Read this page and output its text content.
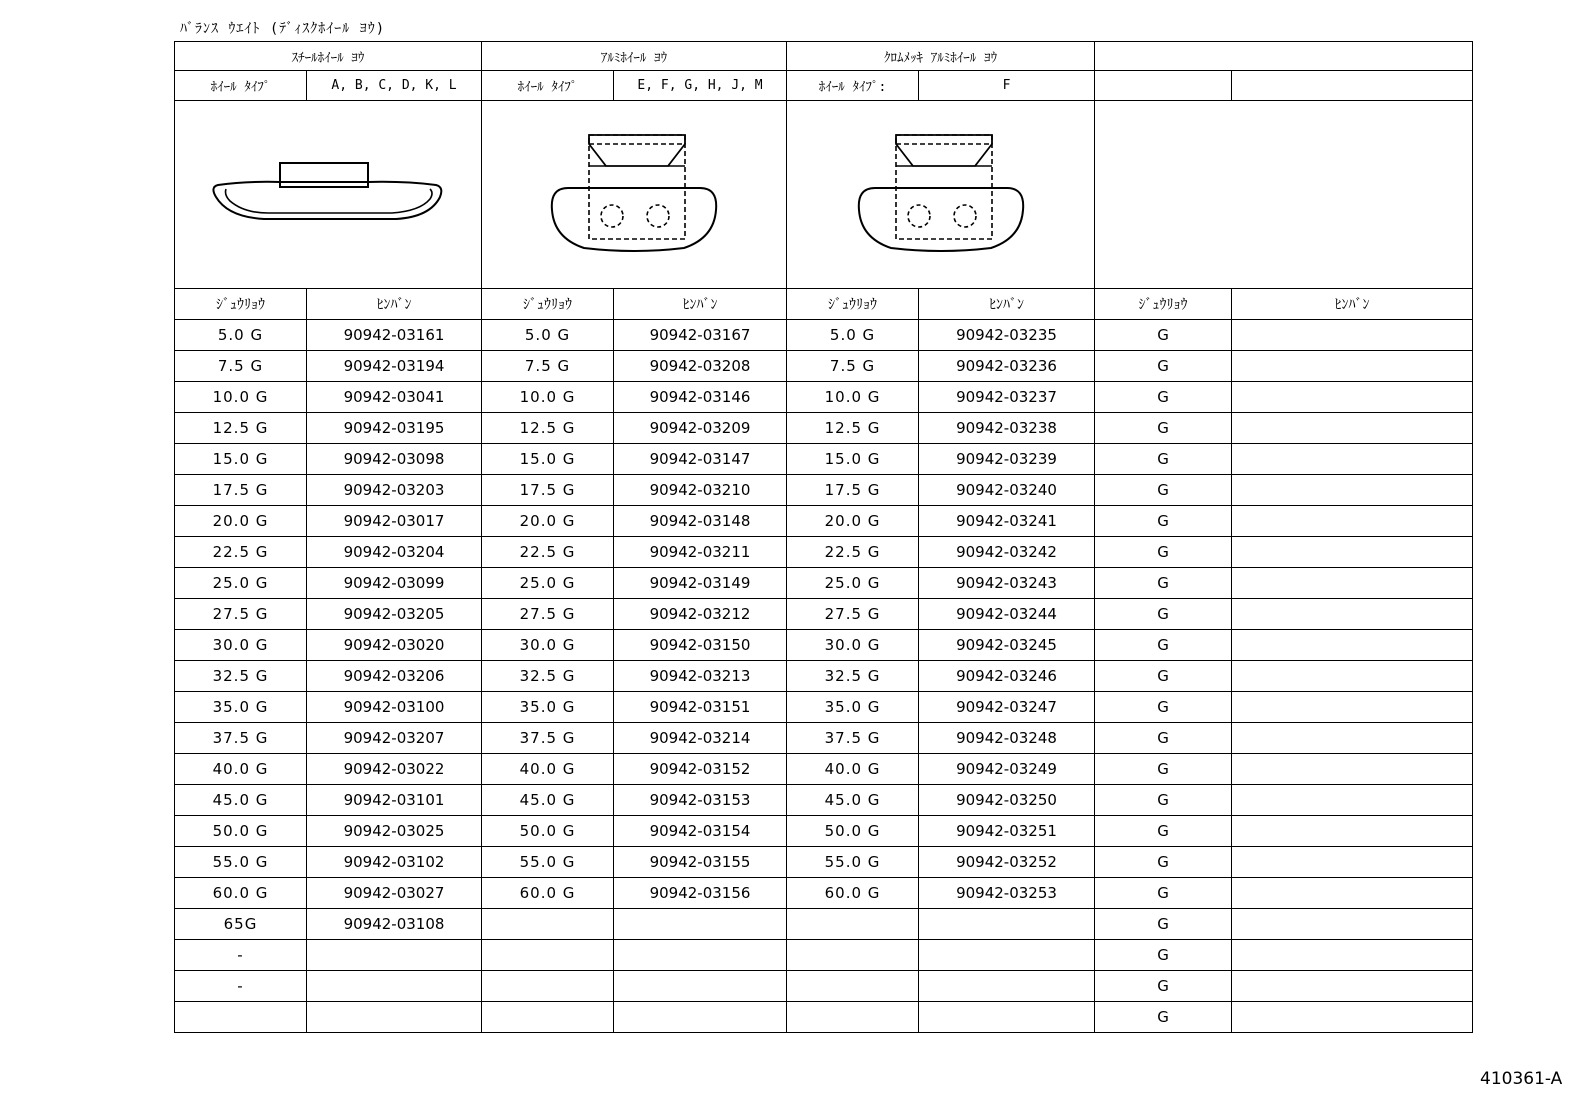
ﾊﾞﾗﾝｽ ｳｴｲﾄ (ﾃﾞｨｽｸﾎｲｰﾙ ﾖｳ)
ｽﾁｰﾙﾎｲｰﾙ ﾖｳ		ｱﾙﾐﾎｲｰﾙ ﾖｳ		ｸﾛﾑﾒｯｷ ｱﾙﾐﾎｲｰﾙ ﾖｳ			
ﾎｲｰﾙ ﾀｲﾌﾟ	A, B, C, D, K, L	ﾎｲｰﾙ ﾀｲﾌﾟ	E, F, G, H, J, M	ﾎｲｰﾙ ﾀｲﾌﾟ:	F		

ｼﾞｭｳﾘｮｳ	ﾋﾝﾊﾞﾝ	ｼﾞｭｳﾘｮｳ	ﾋﾝﾊﾞﾝ	ｼﾞｭｳﾘｮｳ	ﾋﾝﾊﾞﾝ	ｼﾞｭｳﾘｮｳ	ﾋﾝﾊﾞﾝ
5.0 G	90942-03161	5.0 G	90942-03167	5.0 G	90942-03235	G	
7.5 G	90942-03194	7.5 G	90942-03208	7.5 G	90942-03236	G	
10.0 G	90942-03041	10.0 G	90942-03146	10.0 G	90942-03237	G	
12.5 G	90942-03195	12.5 G	90942-03209	12.5 G	90942-03238	G	
15.0 G	90942-03098	15.0 G	90942-03147	15.0 G	90942-03239	G	
17.5 G	90942-03203	17.5 G	90942-03210	17.5 G	90942-03240	G	
20.0 G	90942-03017	20.0 G	90942-03148	20.0 G	90942-03241	G	
22.5 G	90942-03204	22.5 G	90942-03211	22.5 G	90942-03242	G	
25.0 G	90942-03099	25.0 G	90942-03149	25.0 G	90942-03243	G	
27.5 G	90942-03205	27.5 G	90942-03212	27.5 G	90942-03244	G	
30.0 G	90942-03020	30.0 G	90942-03150	30.0 G	90942-03245	G	
32.5 G	90942-03206	32.5 G	90942-03213	32.5 G	90942-03246	G	
35.0 G	90942-03100	35.0 G	90942-03151	35.0 G	90942-03247	G	
37.5 G	90942-03207	37.5 G	90942-03214	37.5 G	90942-03248	G	
40.0 G	90942-03022	40.0 G	90942-03152	40.0 G	90942-03249	G	
45.0 G	90942-03101	45.0 G	90942-03153	45.0 G	90942-03250	G	
50.0 G	90942-03025	50.0 G	90942-03154	50.0 G	90942-03251	G	
55.0 G	90942-03102	55.0 G	90942-03155	55.0 G	90942-03252	G	
60.0 G	90942-03027	60.0 G	90942-03156	60.0 G	90942-03253	G	
65G	90942-03108					G	
-						G	
-						G	
						G	
410361-A
